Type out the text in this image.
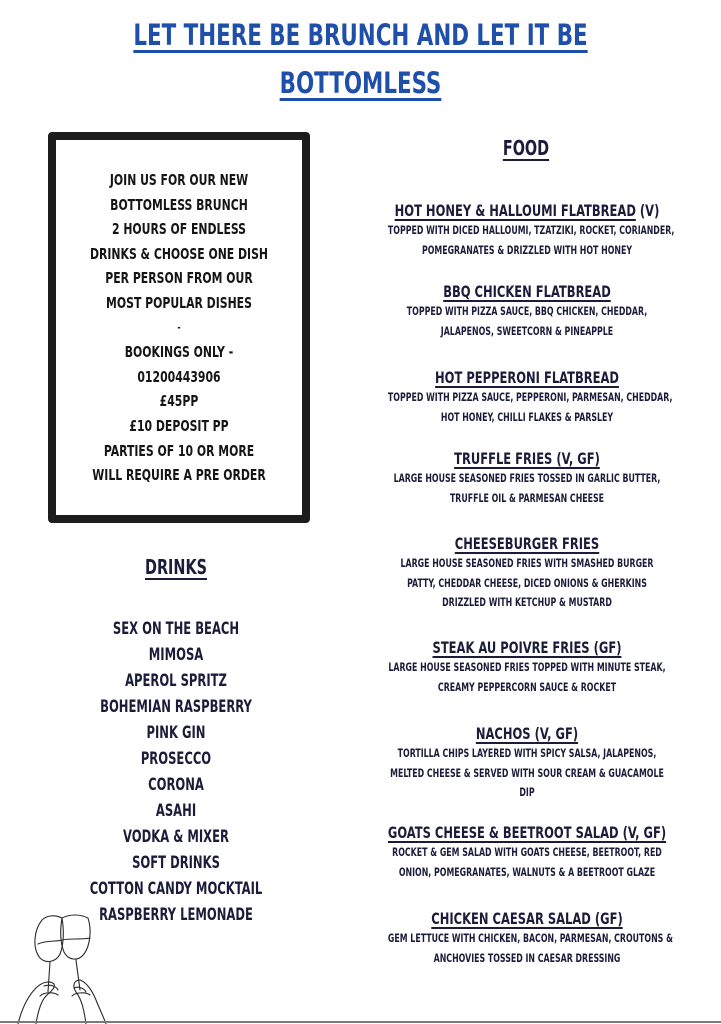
LET THERE BE BRUNCH AND LET IT BE
BOTTOMLESS
JOIN US FOR OUR NEW
BOTTOMLESS BRUNCH
2 HOURS OF ENDLESS
DRINKS & CHOOSE ONE DISH
PER PERSON FROM OUR
MOST POPULAR DISHES
-
BOOKINGS ONLY -
01200443906
£45PP
£10 DEPOSIT PP
PARTIES OF 10 OR MORE
WILL REQUIRE A PRE ORDER
DRINKS
SEX ON THE BEACH
MIMOSA
APEROL SPRITZ
BOHEMIAN RASPBERRY
PINK GIN
PROSECCO
CORONA
ASAHI
VODKA & MIXER
SOFT DRINKS
COTTON CANDY MOCKTAIL
RASPBERRY LEMONADE
FOOD
HOT HONEY & HALLOUMI FLATBREAD (V)
TOPPED WITH DICED HALLOUMI, TZATZIKI, ROCKET, CORIANDER,
POMEGRANATES & DRIZZLED WITH HOT HONEY
BBQ CHICKEN FLATBREAD
TOPPED WITH PIZZA SAUCE, BBQ CHICKEN, CHEDDAR,
JALAPENOS, SWEETCORN & PINEAPPLE
HOT PEPPERONI FLATBREAD
TOPPED WITH PIZZA SAUCE, PEPPERONI, PARMESAN, CHEDDAR,
HOT HONEY, CHILLI FLAKES & PARSLEY
TRUFFLE FRIES (V, GF)
LARGE HOUSE SEASONED FRIES TOSSED IN GARLIC BUTTER,
TRUFFLE OIL & PARMESAN CHEESE
CHEESEBURGER FRIES
LARGE HOUSE SEASONED FRIES WITH SMASHED BURGER
PATTY, CHEDDAR CHEESE, DICED ONIONS & GHERKINS
DRIZZLED WITH KETCHUP & MUSTARD
STEAK AU POIVRE FRIES (GF)
LARGE HOUSE SEASONED FRIES TOPPED WITH MINUTE STEAK,
CREAMY PEPPERCORN SAUCE & ROCKET
NACHOS (V, GF)
TORTILLA CHIPS LAYERED WITH SPICY SALSA, JALAPENOS,
MELTED CHEESE & SERVED WITH SOUR CREAM & GUACAMOLE
DIP
GOATS CHEESE & BEETROOT SALAD (V, GF)
ROCKET & GEM SALAD WITH GOATS CHEESE, BEETROOT, RED
ONION, POMEGRANATES, WALNUTS & A BEETROOT GLAZE
CHICKEN CAESAR SALAD (GF)
GEM LETTUCE WITH CHICKEN, BACON, PARMESAN, CROUTONS &
ANCHOVIES TOSSED IN CAESAR DRESSING
